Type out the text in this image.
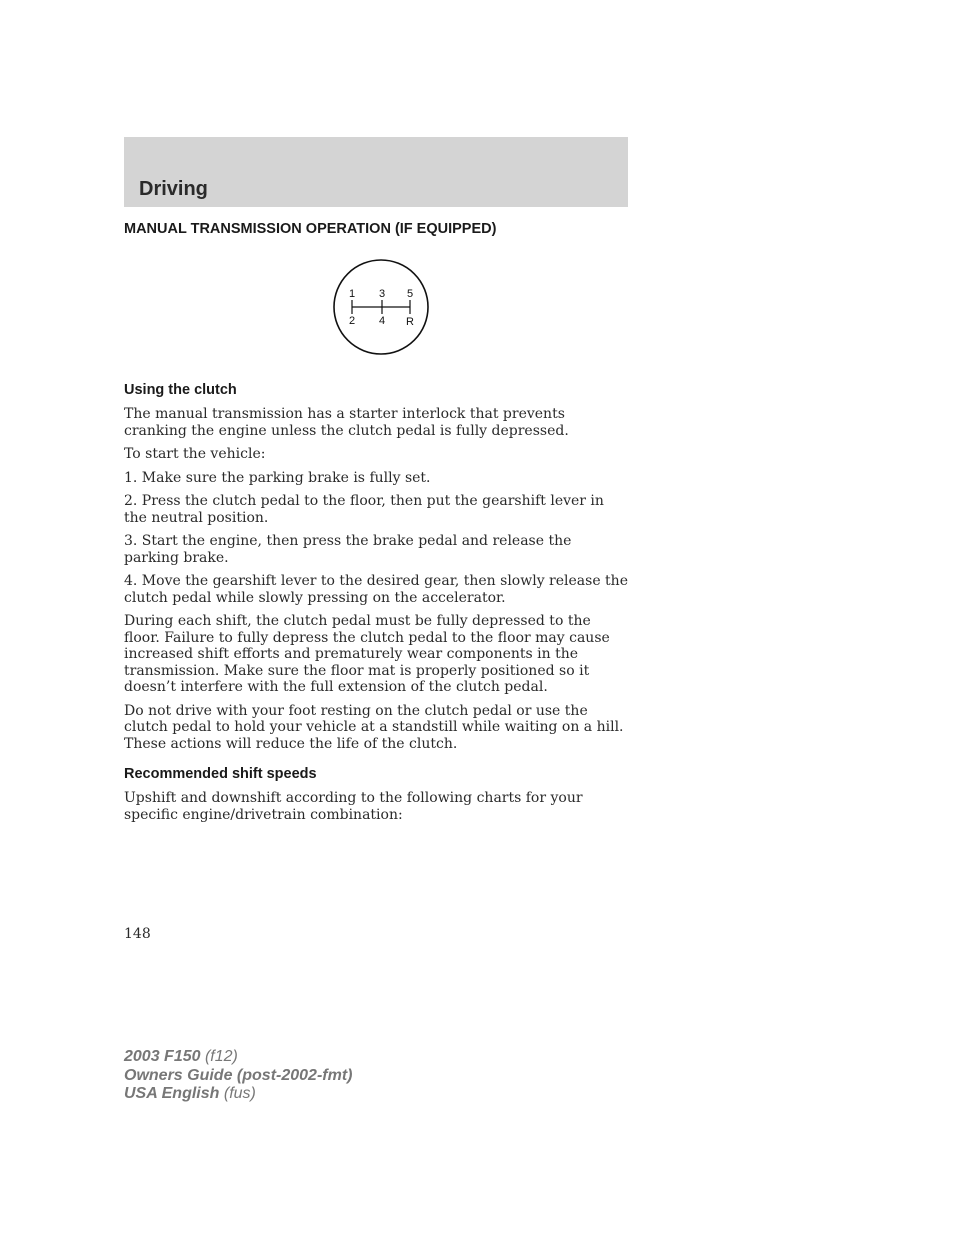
Driving
MANUAL TRANSMISSION OPERATION (IF EQUIPPED)
1 3 5
2 4 R
Using the clutch

The manual transmission has a starter interlock that prevents cranking the engine unless the clutch pedal is fully depressed.

To start the vehicle:

1. Make sure the parking brake is fully set.

2. Press the clutch pedal to the floor, then put the gearshift lever in the neutral position.

3. Start the engine, then press the brake pedal and release the parking brake.

4. Move the gearshift lever to the desired gear, then slowly release the clutch pedal while slowly pressing on the accelerator.

During each shift, the clutch pedal must be fully depressed to the floor. Failure to fully depress the clutch pedal to the floor may cause increased shift efforts and prematurely wear components in the transmission. Make sure the floor mat is properly positioned so it doesn’t interfere with the full extension of the clutch pedal.

Do not drive with your foot resting on the clutch pedal or use the clutch pedal to hold your vehicle at a standstill while waiting on a hill. These actions will reduce the life of the clutch.

Recommended shift speeds

Upshift and downshift according to the following charts for your specific engine/drivetrain combination:

148

2003 F150 (f12)
Owners Guide (post-2002-fmt)
USA English (fus)
